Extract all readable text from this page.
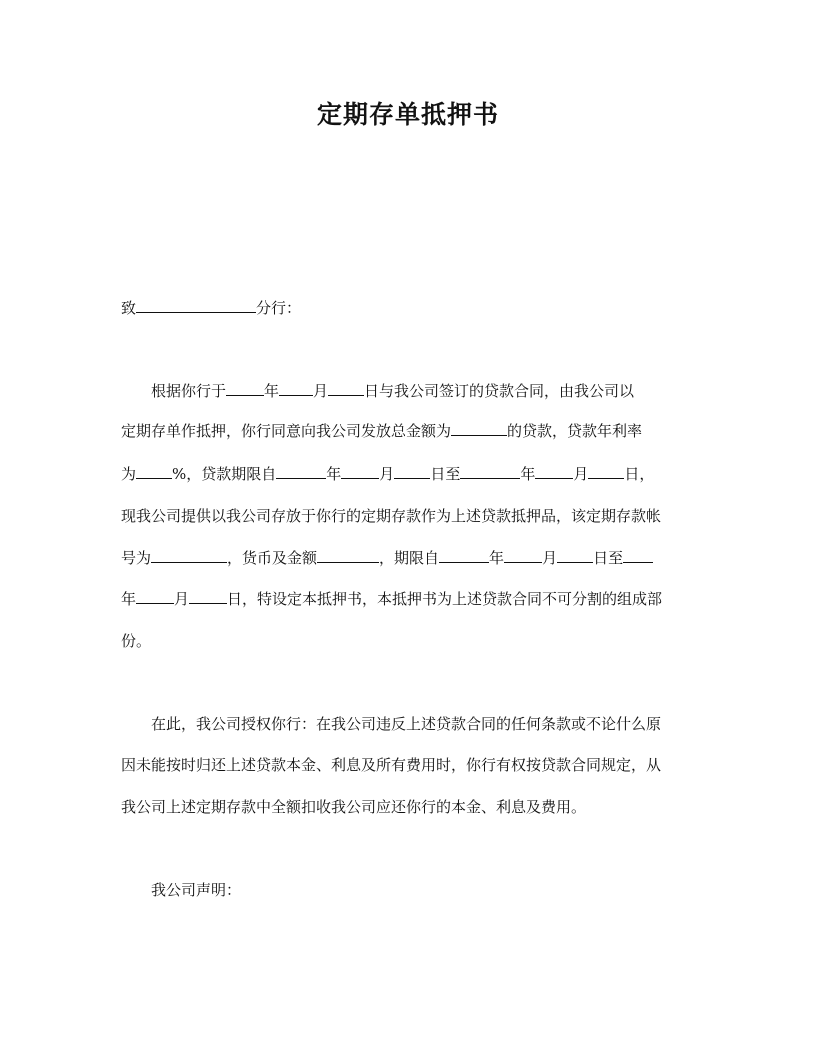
定期存单抵押书
致	分行：
根据你行于	年 月 日与我公司签订的贷款合同，由我公司以
定期存单作抵押，你行同意向我公司发放总金额为	的贷款，贷款年利率
为 %，贷款期限自	年	月 日至	年	月 日，
现我公司提供以我公司存放于你行的定期存款作为上述贷款抵押品，该定期存款帐
号为	，货币及金额	，期限自	年	月 日至
年	月	日，特设定本抵押书，本抵押书为上述贷款合同不可分割的组成部
份。
在此，我公司授权你行：在我公司违反上述贷款合同的任何条款或不论什么原
因未能按时归还上述贷款本金、利息及所有费用时，你行有权按贷款合同规定，从
我公司上述定期存款中全额扣收我公司应还你行的本金、利息及费用。
我公司声明：
